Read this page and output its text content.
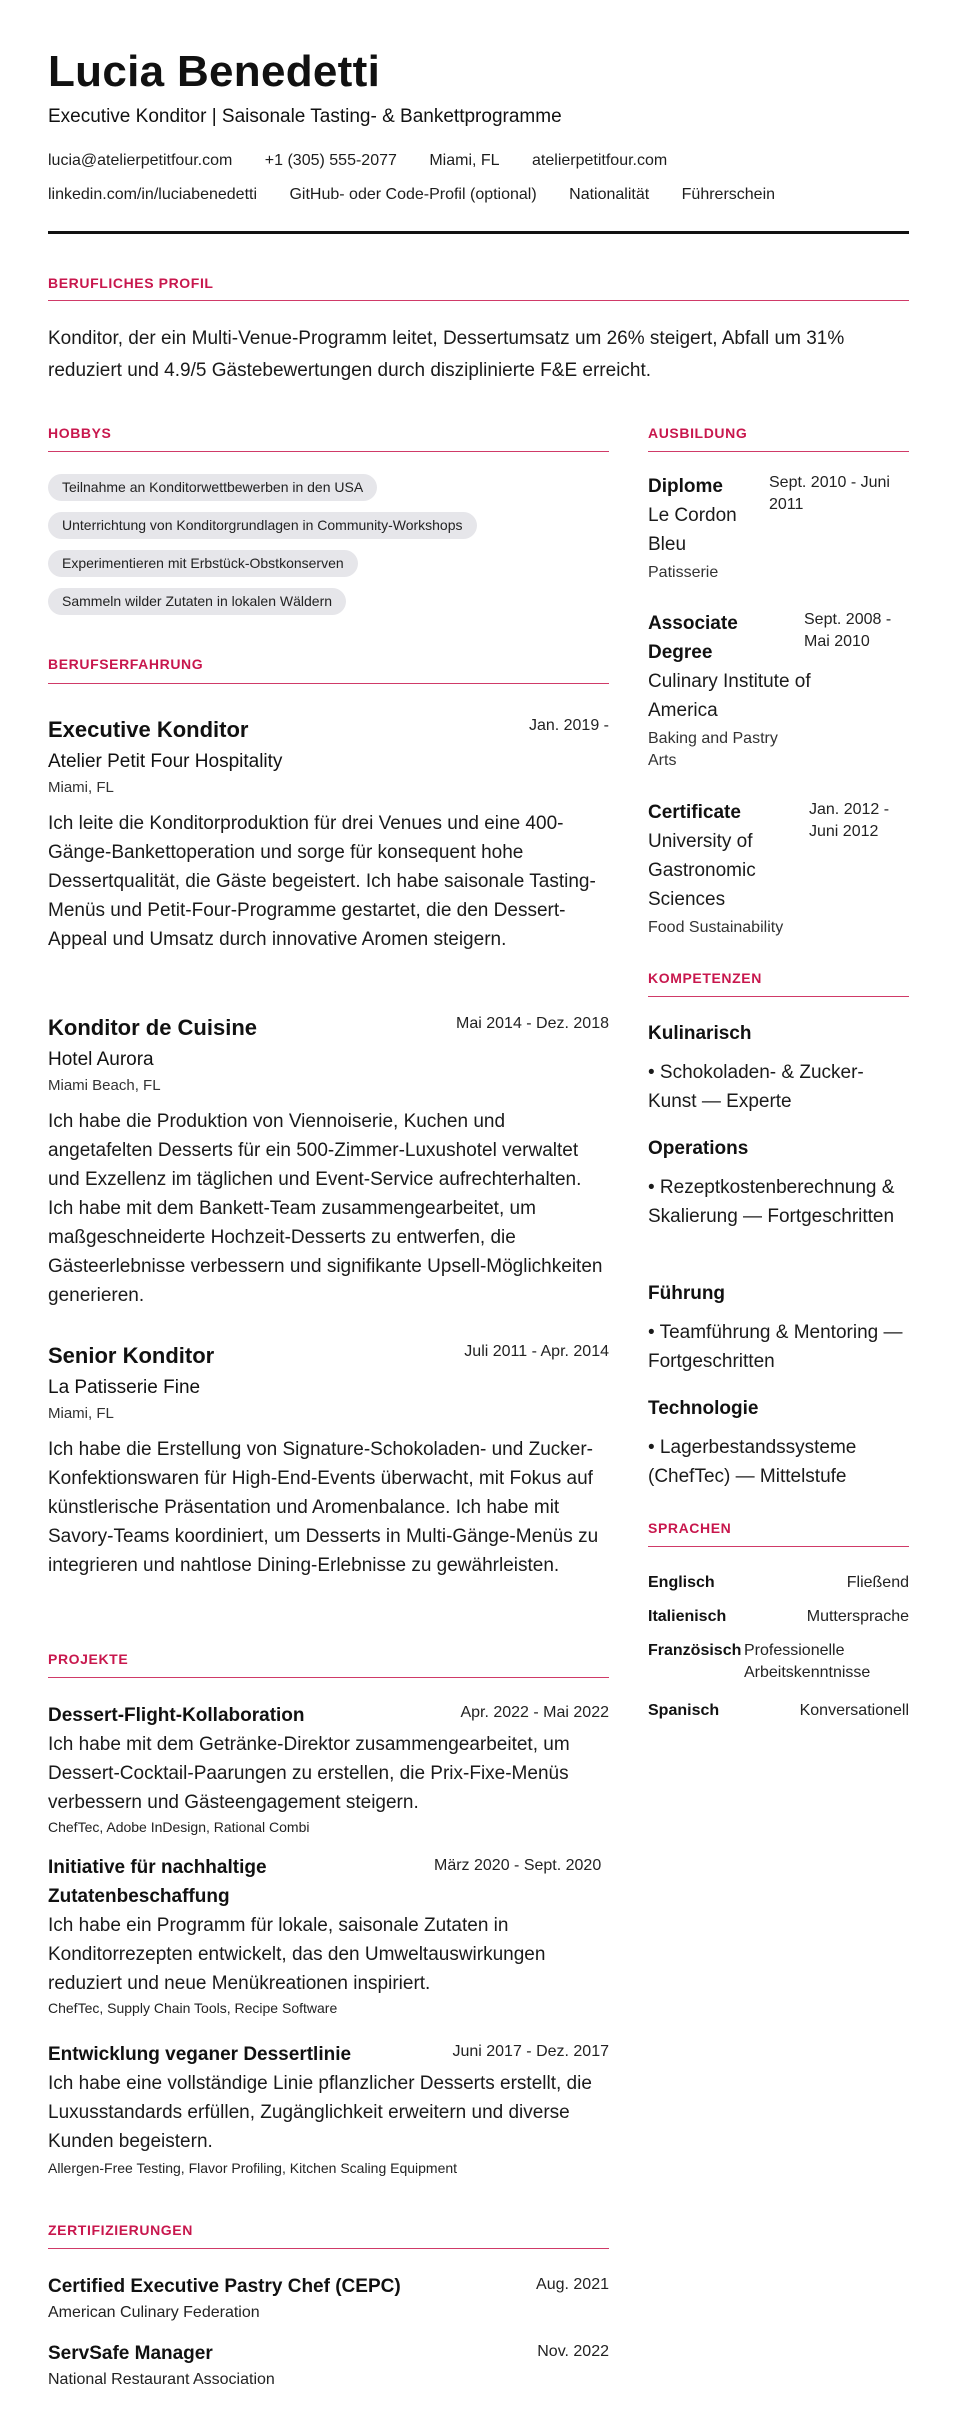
Lucia Benedetti
Executive Konditor | Saisonale Tasting- & Bankettprogramme
lucia@atelierpetitfour.com +1 (305) 555-2077 Miami, FL atelierpetitfour.com
linkedin.com/in/luciabenedetti GitHub- oder Code-Profil (optional) Nationalität Führerschein
BERUFLICHES PROFIL
Konditor, der ein Multi-Venue-Programm leitet, Dessertumsatz um 26% steigert, Abfall um 31% reduziert und 4.9/5 Gästebewertungen durch disziplinierte F&E erreicht.
HOBBYS
Teilnahme an Konditorwettbewerben in den USA
Unterrichtung von Konditorgrundlagen in Community-Workshops
Experimentieren mit Erbstück-Obstkonserven
Sammeln wilder Zutaten in lokalen Wäldern
BERUFSERFAHRUNG
Executive Konditor	Jan. 2019 -
Atelier Petit Four Hospitality
Miami, FL
Ich leite die Konditorproduktion für drei Venues und eine 400-Gänge-Bankettoperation und sorge für konsequent hohe Dessertqualität, die Gäste begeistert. Ich habe saisonale Tasting-Menüs und Petit-Four-Programme gestartet, die den Dessert-Appeal und Umsatz durch innovative Aromen steigern.
Konditor de Cuisine	Mai 2014 - Dez. 2018
Hotel Aurora
Miami Beach, FL
Ich habe die Produktion von Viennoiserie, Kuchen und angetafelten Desserts für ein 500-Zimmer-Luxushotel verwaltet und Exzellenz im täglichen und Event-Service aufrechterhalten. Ich habe mit dem Bankett-Team zusammengearbeitet, um maßgeschneiderte Hochzeit-Desserts zu entwerfen, die Gästeerlebnisse verbessern und signifikante Upsell-Möglichkeiten generieren.
Senior Konditor	Juli 2011 - Apr. 2014
La Patisserie Fine
Miami, FL
Ich habe die Erstellung von Signature-Schokoladen- und Zucker-Konfektionswaren für High-End-Events überwacht, mit Fokus auf künstlerische Präsentation und Aromenbalance. Ich habe mit Savory-Teams koordiniert, um Desserts in Multi-Gänge-Menüs zu integrieren und nahtlose Dining-Erlebnisse zu gewährleisten.
PROJEKTE
Dessert-Flight-Kollaboration	Apr. 2022 - Mai 2022
Ich habe mit dem Getränke-Direktor zusammengearbeitet, um Dessert-Cocktail-Paarungen zu erstellen, die Prix-Fixe-Menüs verbessern und Gästeengagement steigern.
ChefTec, Adobe InDesign, Rational Combi
Initiative für nachhaltige Zutatenbeschaffung
März 2020 - Sept. 2020
Ich habe ein Programm für lokale, saisonale Zutaten in Konditorrezepten entwickelt, das den Umweltauswirkungen reduziert und neue Menükreationen inspiriert.
ChefTec, Supply Chain Tools, Recipe Software
Entwicklung veganer Dessertlinie	Juni 2017 - Dez. 2017
Ich habe eine vollständige Linie pflanzlicher Desserts erstellt, die Luxusstandards erfüllen, Zugänglichkeit erweitern und diverse Kunden begeistern.
Allergen-Free Testing, Flavor Profiling, Kitchen Scaling Equipment
ZERTIFIZIERUNGEN
Certified Executive Pastry Chef (CEPC)	Aug. 2021
American Culinary Federation
ServSafe Manager	Nov. 2022
National Restaurant Association
AUSBILDUNG
Diplome	Sept. 2010 - Juni 2011
Le Cordon Bleu
Patisserie
Associate Degree
Sept. 2008 - Mai 2010
Culinary Institute of America
Baking and Pastry Arts
Certificate	Jan. 2012 - Juni 2012
University of Gastronomic Sciences
Food Sustainability
KOMPETENZEN
Kulinarisch
• Schokoladen- & Zucker-Kunst — Experte
Operations
• Rezeptkostenberechnung & Skalierung — Fortgeschritten
Führung
• Teamführung & Mentoring — Fortgeschritten
Technologie
• Lagerbestandssysteme (ChefTec) — Mittelstufe
SPRACHEN
Englisch	Fließend
Italienisch	Muttersprache
Französisch Professionelle Arbeitskenntnisse
Spanisch	Konversationell
